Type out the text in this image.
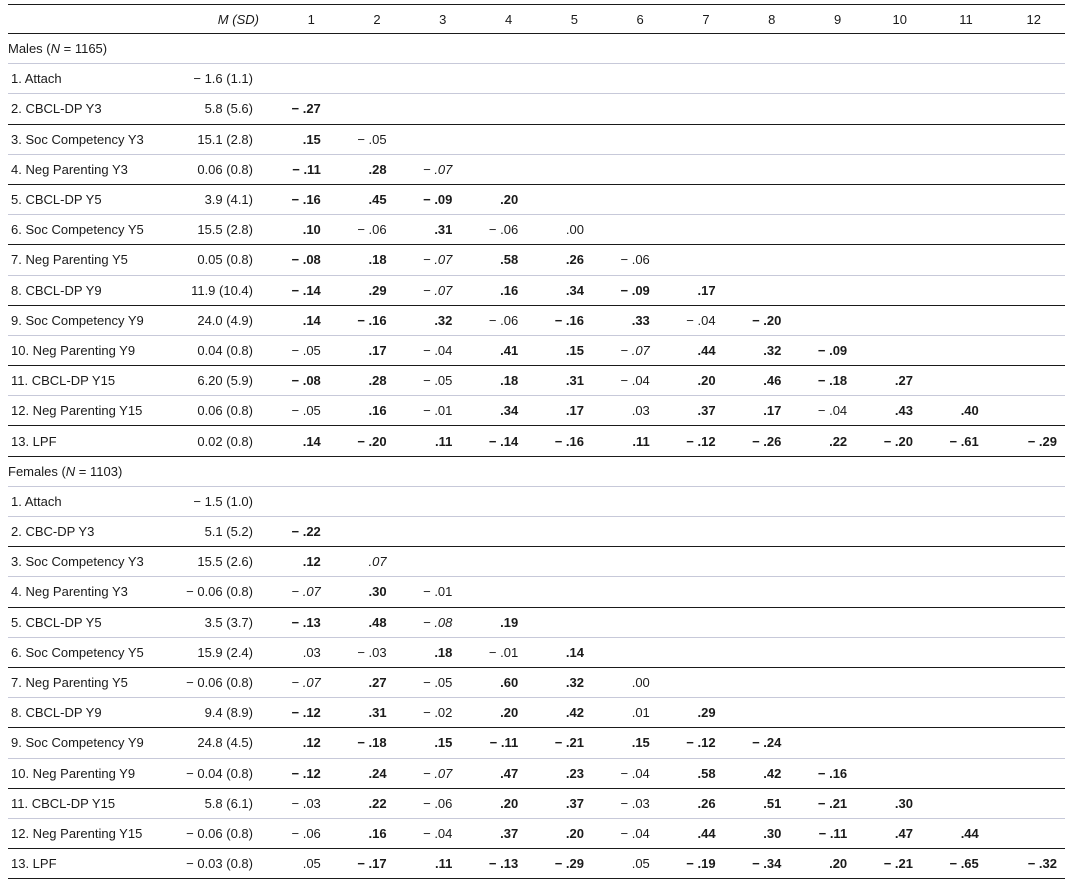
	M (SD)	1	2	3	4	5	6	7	8	9	10	11	12
Males (N = 1165)													
1. Attach	− 1.6 (1.1)												
2. CBCL-DP Y3	5.8 (5.6)	− .27											
3. Soc Competency Y3	15.1 (2.8)	.15	− .05										
4. Neg Parenting Y3	0.06 (0.8)	− .11	.28	− .07									
5. CBCL-DP Y5	3.9 (4.1)	− .16	.45	− .09	.20								
6. Soc Competency Y5	15.5 (2.8)	.10	− .06	.31	− .06	.00							
7. Neg Parenting Y5	0.05 (0.8)	− .08	.18	− .07	.58	.26	− .06						
8. CBCL-DP Y9	11.9 (10.4)	− .14	.29	− .07	.16	.34	− .09	.17					
9. Soc Competency Y9	24.0 (4.9)	.14	− .16	.32	− .06	− .16	.33	− .04	− .20				
10. Neg Parenting Y9	0.04 (0.8)	− .05	.17	− .04	.41	.15	− .07	.44	.32	− .09			
11. CBCL-DP Y15	6.20 (5.9)	− .08	.28	− .05	.18	.31	− .04	.20	.46	− .18	.27		
12. Neg Parenting Y15	0.06 (0.8)	− .05	.16	− .01	.34	.17	.03	.37	.17	− .04	.43	.40	
13. LPF	0.02 (0.8)	.14	− .20	.11	− .14	− .16	.11	− .12	− .26	.22	− .20	− .61	− .29
Females (N = 1103)													
1. Attach	− 1.5 (1.0)												
2. CBC-DP Y3	5.1 (5.2)	− .22											
3. Soc Competency Y3	15.5 (2.6)	.12	.07										
4. Neg Parenting Y3	− 0.06 (0.8)	− .07	.30	− .01									
5. CBCL-DP Y5	3.5 (3.7)	− .13	.48	− .08	.19								
6. Soc Competency Y5	15.9 (2.4)	.03	− .03	.18	− .01	.14							
7. Neg Parenting Y5	− 0.06 (0.8)	− .07	.27	− .05	.60	.32	.00						
8. CBCL-DP Y9	9.4 (8.9)	− .12	.31	− .02	.20	.42	.01	.29					
9. Soc Competency Y9	24.8 (4.5)	.12	− .18	.15	− .11	− .21	.15	− .12	− .24				
10. Neg Parenting Y9	− 0.04 (0.8)	− .12	.24	− .07	.47	.23	− .04	.58	.42	− .16			
11. CBCL-DP Y15	5.8 (6.1)	− .03	.22	− .06	.20	.37	− .03	.26	.51	− .21	.30		
12. Neg Parenting Y15	− 0.06 (0.8)	− .06	.16	− .04	.37	.20	− .04	.44	.30	− .11	.47	.44	
13. LPF	− 0.03 (0.8)	.05	− .17	.11	− .13	− .29	.05	− .19	− .34	.20	− .21	− .65	− .32
